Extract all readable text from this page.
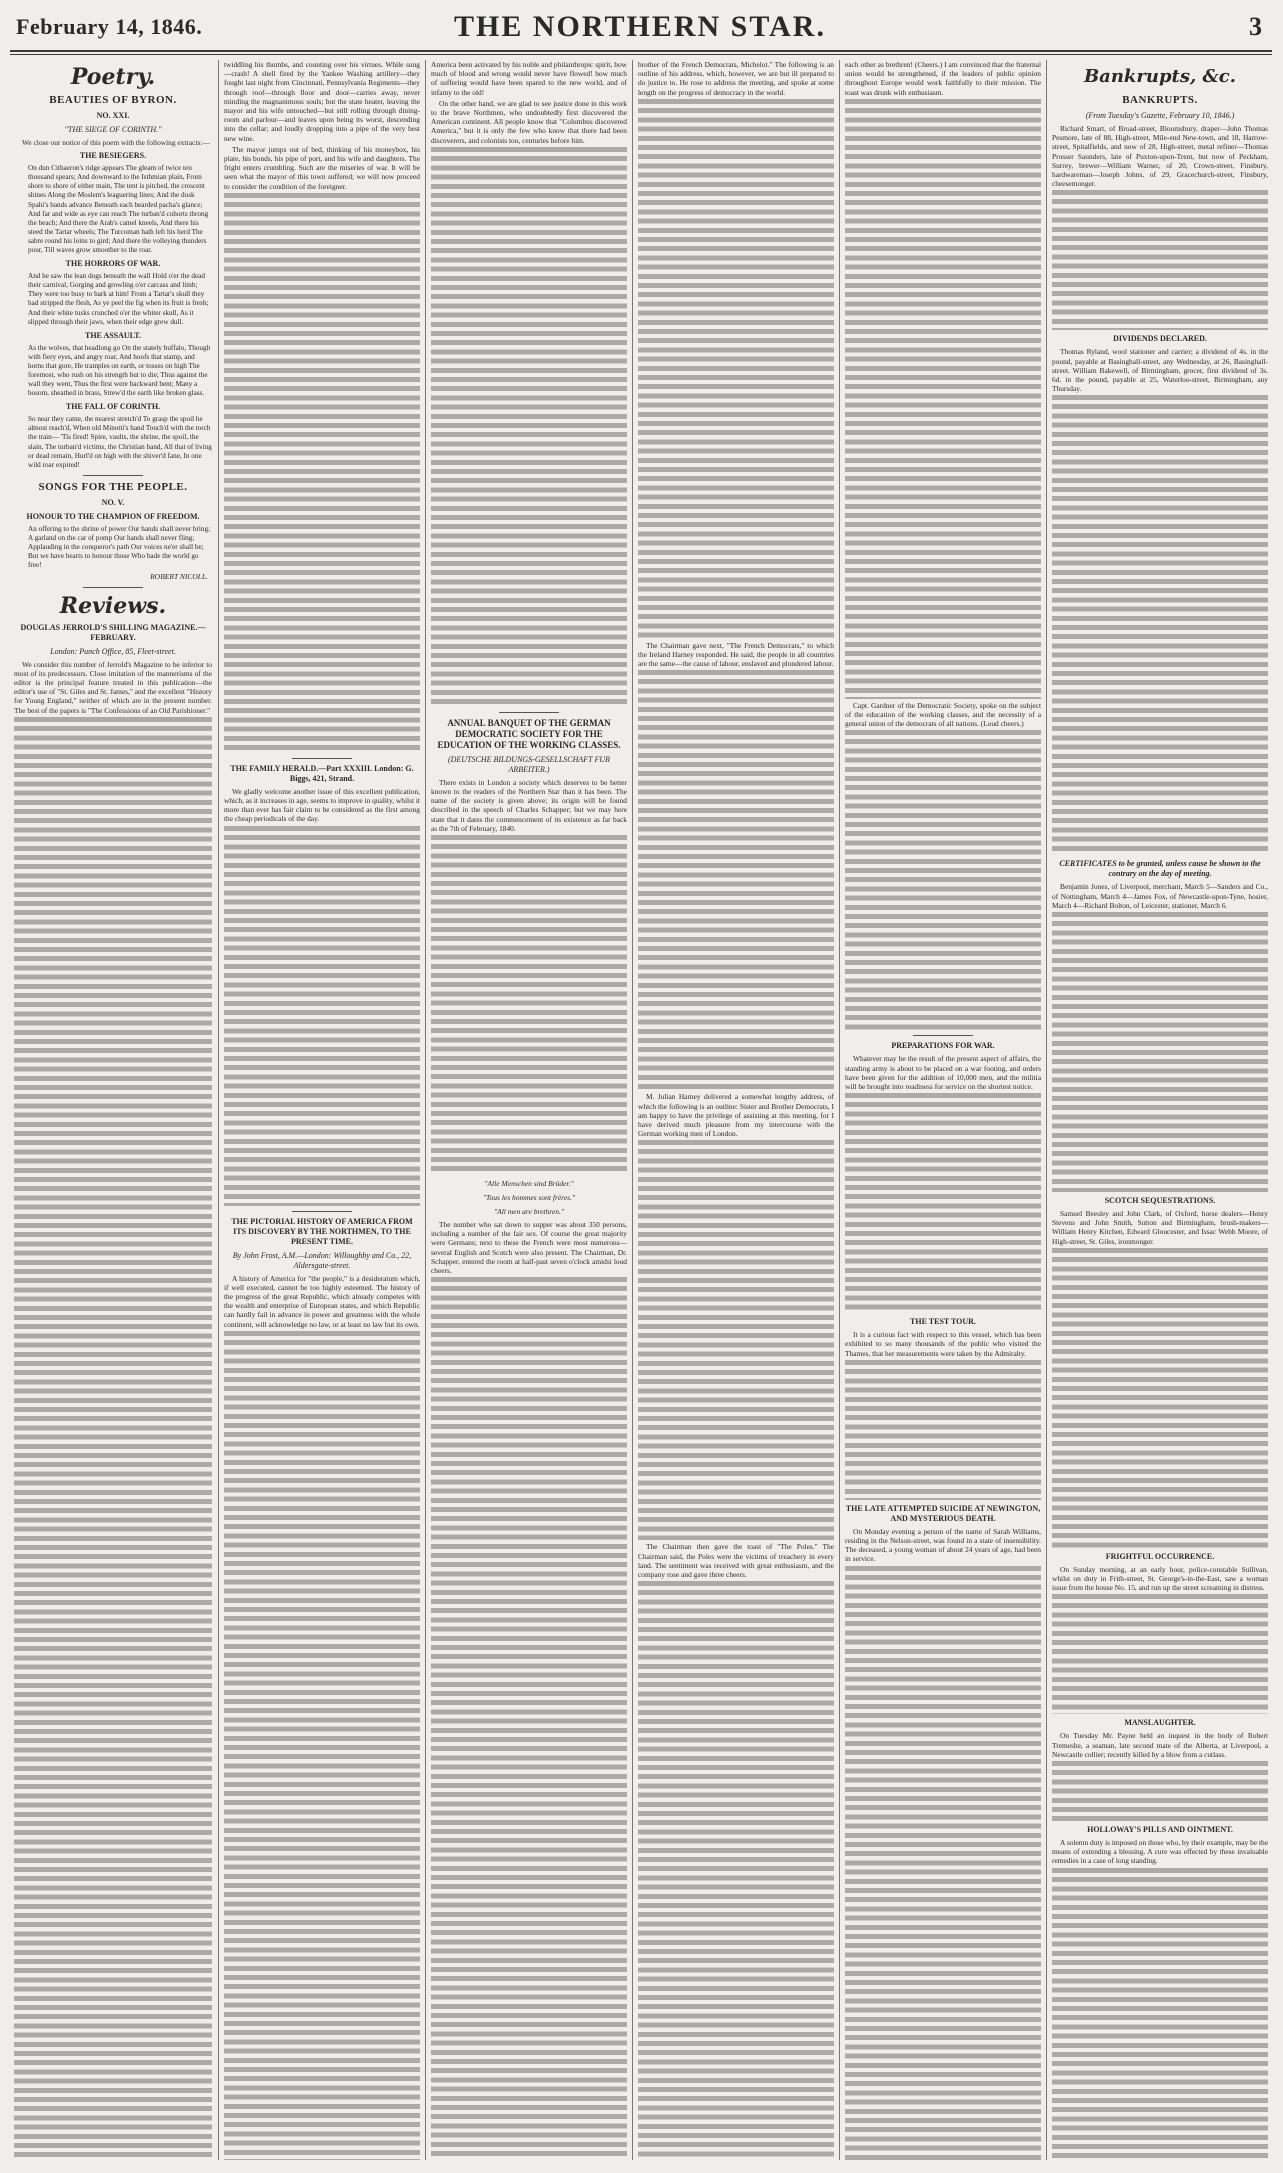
February 14, 1846.	THE NORTHERN STAR.	3
Poetry.
BEAUTIES OF BYRON.
NO. XXI.
"THE SIEGE OF CORINTH."

We close our notice of this poem with the following extracts:—

THE BESIEGERS.
On dun Cithaeron's ridge appears The gleam of twice ten thousand spears; And downward to the Isthmian plain, From shore to shore of either main, The tent is pitched, the crescent shines Along the Moslem's leaguering lines; And the dusk Spahi's bands advance Beneath each bearded pacha's glance; And far and wide as eye can reach The turban'd cohorts throng the beach; And there the Arab's camel kneels, And there his steed the Tartar wheels; The Turcoman hath left his herd The sabre round his loins to gird; And there the volleying thunders pour, Till waves grow smoother to the roar.
THE HORRORS OF WAR.
And he saw the lean dogs beneath the wall Hold o'er the dead their carnival, Gorging and growling o'er carcass and limb; They were too busy to bark at him! From a Tartar's skull they had stripped the flesh, As ye peel the fig when its fruit is fresh; And their white tusks crunched o'er the whiter skull, As it slipped through their jaws, when their edge grew dull.
THE ASSAULT.
As the wolves, that headlong go On the stately buffalo, Though with fiery eyes, and angry roar, And hoofs that stamp, and horns that gore, He tramples on earth, or tosses on high The foremost, who rush on his strength but to die; Thus against the wall they went, Thus the first were backward bent; Many a bosom, sheathed in brass, Strew'd the earth like broken glass.
THE FALL OF CORINTH.
So near they came, the nearest stretch'd To grasp the spoil he almost reach'd, When old Minotti's hand Touch'd with the torch the train— 'Tis fired! Spire, vaults, the shrine, the spoil, the slain, The turban'd victims, the Christian band, All that of living or dead remain, Hurl'd on high with the shiver'd fane, In one wild roar expired!
SONGS FOR THE PEOPLE.
NO. V.
HONOUR TO THE CHAMPION OF FREEDOM.
An offering to the shrine of power Our hands shall never bring; A garland on the car of pomp Our hands shall never fling; Applauding in the conqueror's path Our voices ne'er shall be; But we have hearts to honour those Who bade the world go free!
ROBERT NICOLL.
Reviews.
DOUGLAS JERROLD'S SHILLING MAGAZINE.—FEBRUARY.
London: Punch Office, 85, Fleet-street.

We consider this number of Jerrold's Magazine to be inferior to most of its predecessors. Close imitation of the mannerisms of the editor is the principal feature treated in this publication—the editor's use of "St. Giles and St. James," and the excellent "History for Young England," neither of which are in the present number. The best of the papers is "The Confessions of an Old Parishioner."

twiddling his thumbs, and counting over his virtues. While sung—crash! A shell fired by the Yankee Washing artillery—they fought last night from Cincinnati, Pennsylvania Regiments—they through roof—through floor and door—carries away, never minding the magnanimous souls; but the state heater, leaving the mayor and his wife untouched—but still rolling through dining-room and parlour—and leaves upon being its worst, descending into the cellar; and loudly dropping into a pipe of the very best new wine.

The mayor jumps out of bed, thinking of his moneybox, his plate, his bonds, his pipe of port, and his wife and daughters. The fright enters crumbling. Such are the miseries of war. It will be seen what the mayor of this town suffered; we will now proceed to consider the condition of the foreigner.

THE FAMILY HERALD.—Part XXXIII. London: G. Biggs, 421, Strand.

We gladly welcome another issue of this excellent publication, which, as it increases in age, seems to improve in quality, whilst it more than ever has fair claim to be considered as the first among the cheap periodicals of the day.

THE PICTORIAL HISTORY OF AMERICA FROM ITS DISCOVERY BY THE NORTHMEN, TO THE PRESENT TIME.
By John Frost, A.M.—London: Willoughby and Co., 22, Aldersgate-street.

A history of America for "the people," is a desideratum which, if well executed, cannot be too highly esteemed. The history of the progress of the great Republic, which already competes with the wealth and enterprise of European states, and which Republic can hardly fail in advance in power and greatness with the whole continent, will acknowledge no law, or at least no law but its own.

America been activated by his noble and philanthropic spirit, how much of blood and wrong would never have flowed! how much of suffering would have been spared to the new world, and of infamy to the old!

On the other hand, we are glad to see justice done in this work to the brave Northmen, who undoubtedly first discovered the American continent. All people know that "Columbus discovered America," but it is only the few who know that there had been discoverers, and colonists too, centuries before him.

ANNUAL BANQUET OF THE GERMAN DEMOCRATIC SOCIETY FOR THE EDUCATION OF THE WORKING CLASSES.
(DEUTSCHE BILDUNGS-GESELLSCHAFT FUR ARBEITER.)

There exists in London a society which deserves to be better known to the readers of the Northern Star than it has been. The name of the society is given above; its origin will be found described in the speech of Charles Schapper; but we may here state that it dates the commencement of its existence as far back as the 7th of February, 1840.

"Alle Menschen sind Brüder."
"Tous les hommes sont frères."
"All men are brethren."

The number who sat down to supper was about 350 persons, including a number of the fair sex. Of course the great majority were Germans; next to these the French were most numerous—several English and Scotch were also present. The Chairman, Dr. Schapper, entered the room at half-past seven o'clock amidst loud cheers.

brother of the French Democrats, Michelot." The following is an outline of his address, which, however, we are but ill prepared to do justice to. He rose to address the meeting, and spoke at some length on the progress of democracy in the world.

The Chairman gave next, "The French Democrats," to which the Ireland Harney responded. He said, the people in all countries are the same—the cause of labour, enslaved and plundered labour.

M. Julian Harney delivered a somewhat lengthy address, of which the following is an outline: Sister and Brother Democrats, I am happy to have the privilege of assisting at this meeting, for I have derived much pleasure from my intercourse with the German working men of London.

The Chairman then gave the toast of "The Poles." The Chairman said, the Poles were the victims of treachery in every land. The sentiment was received with great enthusiasm, and the company rose and gave three cheers.

each other as brethren! (Cheers.) I am convinced that the fraternal union would be strengthened, if the leaders of public opinion throughout Europe would work faithfully to their mission. The toast was drunk with enthusiasm.

Capt. Gardner of the Democratic Society, spoke on the subject of the education of the working classes, and the necessity of a general union of the democrats of all nations. (Loud cheers.)

PREPARATIONS FOR WAR.

Whatever may be the result of the present aspect of affairs, the standing army is about to be placed on a war footing, and orders have been given for the addition of 10,000 men, and the militia will be brought into readiness for service on the shortest notice.

THE TEST TOUR.

It is a curious fact with respect to this vessel, which has been exhibited to so many thousands of the public who visited the Thames, that her measurements were taken by the Admiralty.

THE LATE ATTEMPTED SUICIDE AT NEWINGTON, AND MYSTERIOUS DEATH.

On Monday evening a person of the name of Sarah Williams, residing in the Nelson-street, was found in a state of insensibility. The deceased, a young woman of about 24 years of age, had been in service.

Bankrupts, &c.
BANKRUPTS.
(From Tuesday's Gazette, February 10, 1846.)

Richard Smart, of Broad-street, Bloomsbury, draper—John Thomas Pesmore, late of 88, High-street, Mile-end New-town, and 18, Harrow-street, Spitalfields, and now of 28, High-street, metal refiner—Thomas Prosser Saunders, late of Puxton-upon-Trent, but now of Peckham, Surrey, brewer—William Warner, of 20, Crown-street, Finsbury, hardwareman—Joseph Johns, of 29, Gracechurch-street, Finsbury, cheesemonger.

DIVIDENDS DECLARED.

Thomas Ryland, wool stationer and carrier; a dividend of 4s. in the pound, payable at Basinghall-street, any Wednesday, at 26, Basinghall-street. William Bakewell, of Birmingham, grocer, first dividend of 3s. 6d. in the pound, payable at 25, Waterloo-street, Birmingham, any Thursday.

CERTIFICATES to be granted, unless cause be shown to the contrary on the day of meeting.

Benjamin Jones, of Liverpool, merchant, March 5—Sanders and Co., of Nottingham, March 4—James Fox, of Newcastle-upon-Tyne, hosier, March 4—Richard Bolton, of Leicester, stationer, March 6.

SCOTCH SEQUESTRATIONS.

Samuel Beesley and John Clark, of Oxford, horse dealers—Henry Stevens and John Smith, Sutton and Birmingham, brush-makers—William Henry Kitchen, Edward Gloucester, and Issac Webb Moore, of High-street, St. Giles, ironmonger.

FRIGHTFUL OCCURRENCE.

On Sunday morning, at an early hour, police-constable Sullivan, whilst on duty in Frith-street, St. George's-in-the-East, saw a woman issue from the house No. 15, and run up the street screaming in distress.

MANSLAUGHTER.

On Tuesday Mr. Payne held an inquest in the body of Robert Tremeshe, a seaman, late second mate of the Alberta, at Liverpool, a Newcastle collier; recently killed by a blow from a cutlass.

HOLLOWAY'S PILLS AND OINTMENT.

A solemn duty is imposed on those who, by their example, may be the means of extending a blessing. A cure was effected by these invaluable remedies in a case of long standing.
